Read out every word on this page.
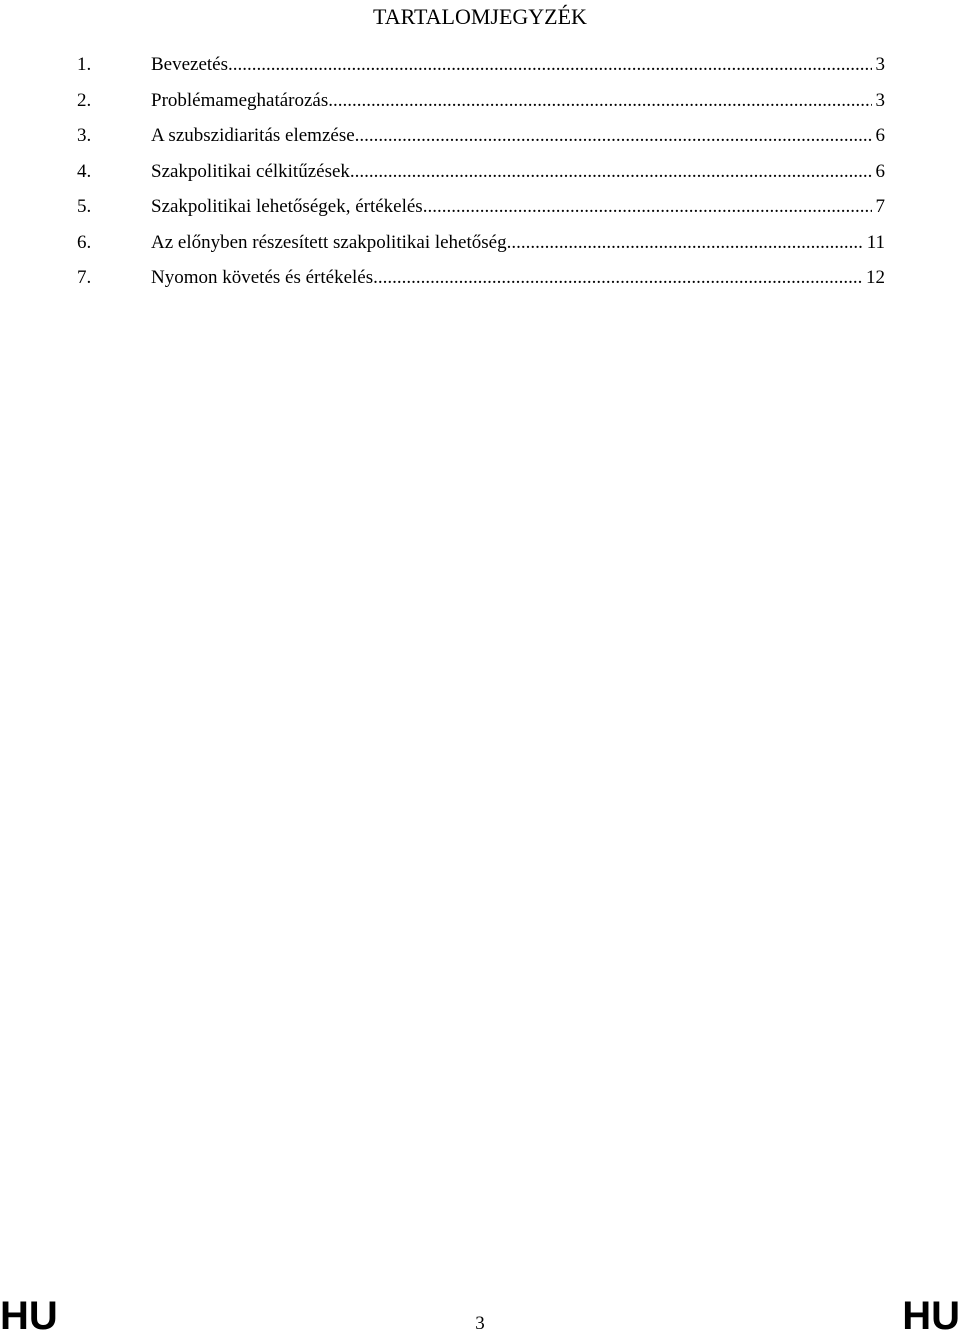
TARTALOMJEGYZÉK
1.	Bevezetés .....	3
2.	Problémameghatározás .....	3
3.	A szubszidiaritás elemzése .....	6
4.	Szakpolitikai célkitűzések .....	6
5.	Szakpolitikai lehetőségek, értékelés .....	7
6.	Az előnyben részesített szakpolitikai lehetőség .....	11
7.	Nyomon követés és értékelés .....	12
HU	3	HU
